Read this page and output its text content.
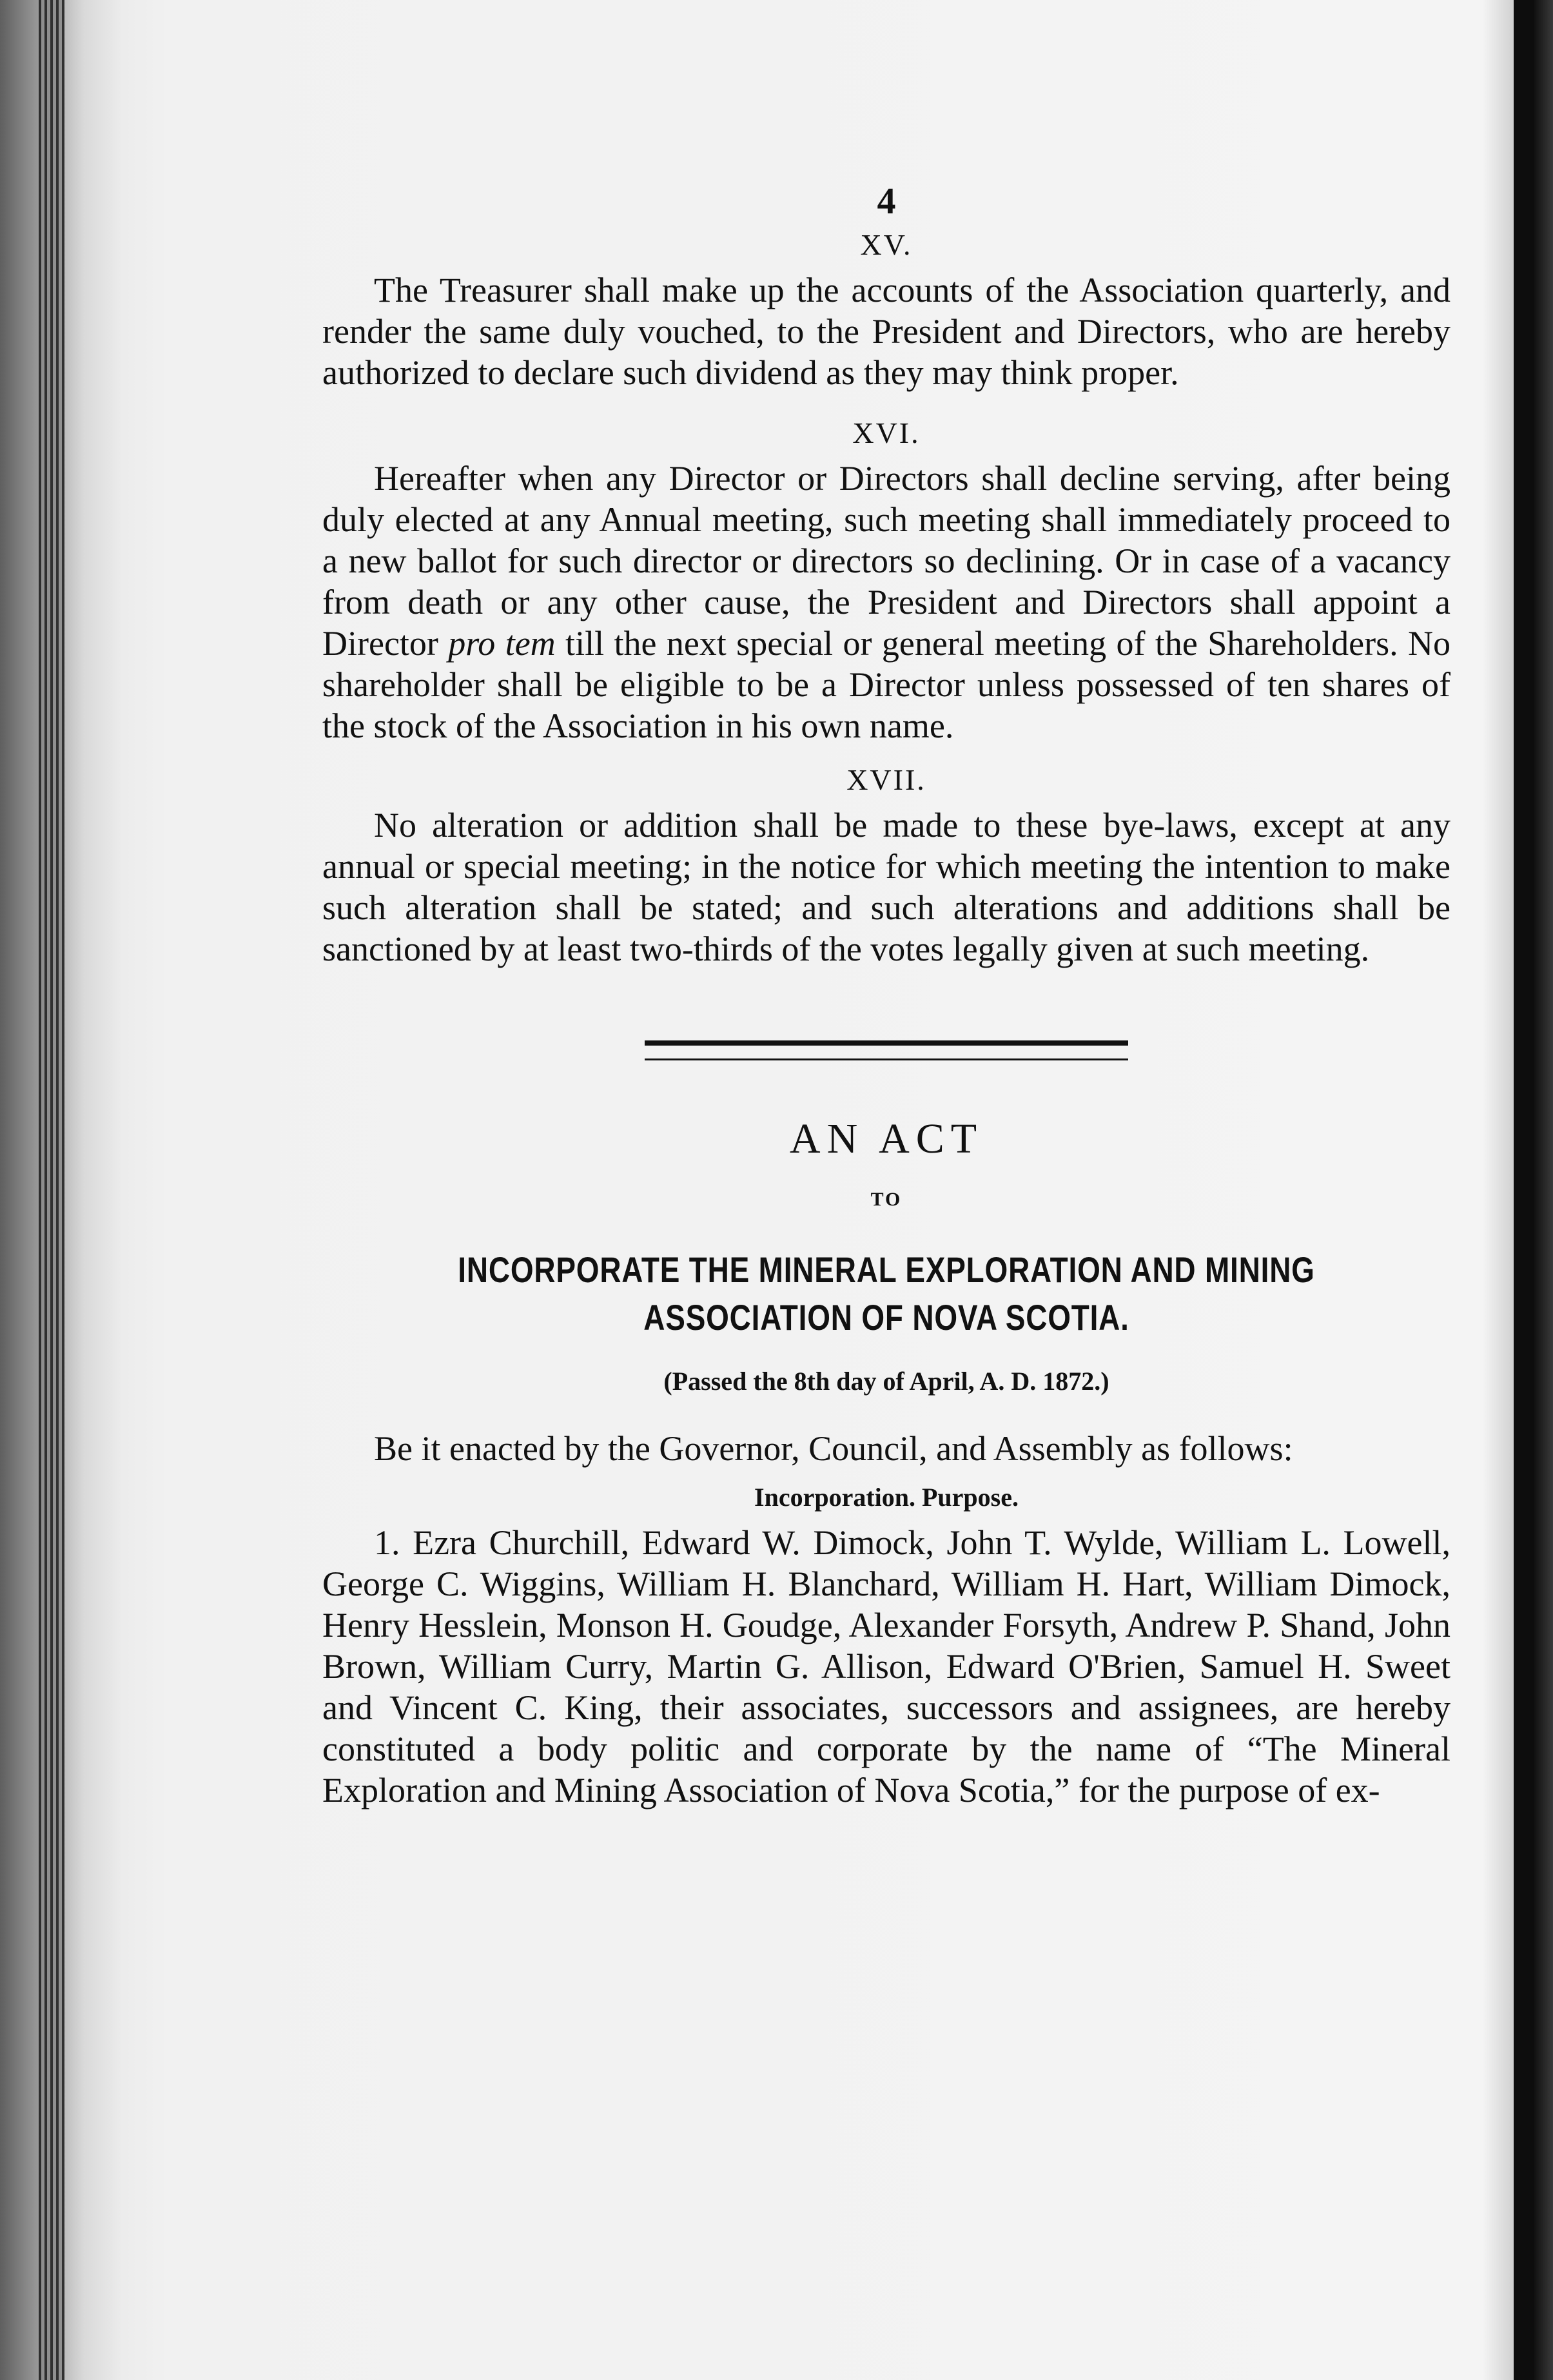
4
XV.

The Treasurer shall make up the accounts of the Association quarterly, and render the same duly vouched, to the President and Directors, who are hereby authorized to declare such dividend as they may think proper.

XVI.

Hereafter when any Director or Directors shall decline serving, after being duly elected at any Annual meeting, such meeting shall immediately proceed to a new ballot for such director or directors so declining. Or in case of a vacancy from death or any other cause, the President and Directors shall appoint a Director pro tem till the next special or general meeting of the Shareholders. No shareholder shall be eligible to be a Director unless possessed of ten shares of the stock of the Association in his own name.

XVII.

No alteration or addition shall be made to these bye-laws, except at any annual or special meeting; in the notice for which meeting the intention to make such alteration shall be stated; and such alterations and additions shall be sanctioned by at least two-thirds of the votes legally given at such meeting.

AN ACT
TO
INCORPORATE THE MINERAL EXPLORATION AND MINING ASSOCIATION OF NOVA SCOTIA.
(Passed the 8th day of April, A. D. 1872.)

Be it enacted by the Governor, Council, and Assembly as follows:

Incorporation. Purpose.

1. Ezra Churchill, Edward W. Dimock, John T. Wylde, William L. Lowell, George C. Wiggins, William H. Blanchard, William H. Hart, William Dimock, Henry Hesslein, Monson H. Goudge, Alexander Forsyth, Andrew P. Shand, John Brown, William Curry, Martin G. Allison, Edward O'Brien, Samuel H. Sweet and Vincent C. King, their associates, successors and assignees, are hereby constituted a body politic and corporate by the name of “The Mineral Exploration and Mining Association of Nova Scotia,” for the purpose of ex-
